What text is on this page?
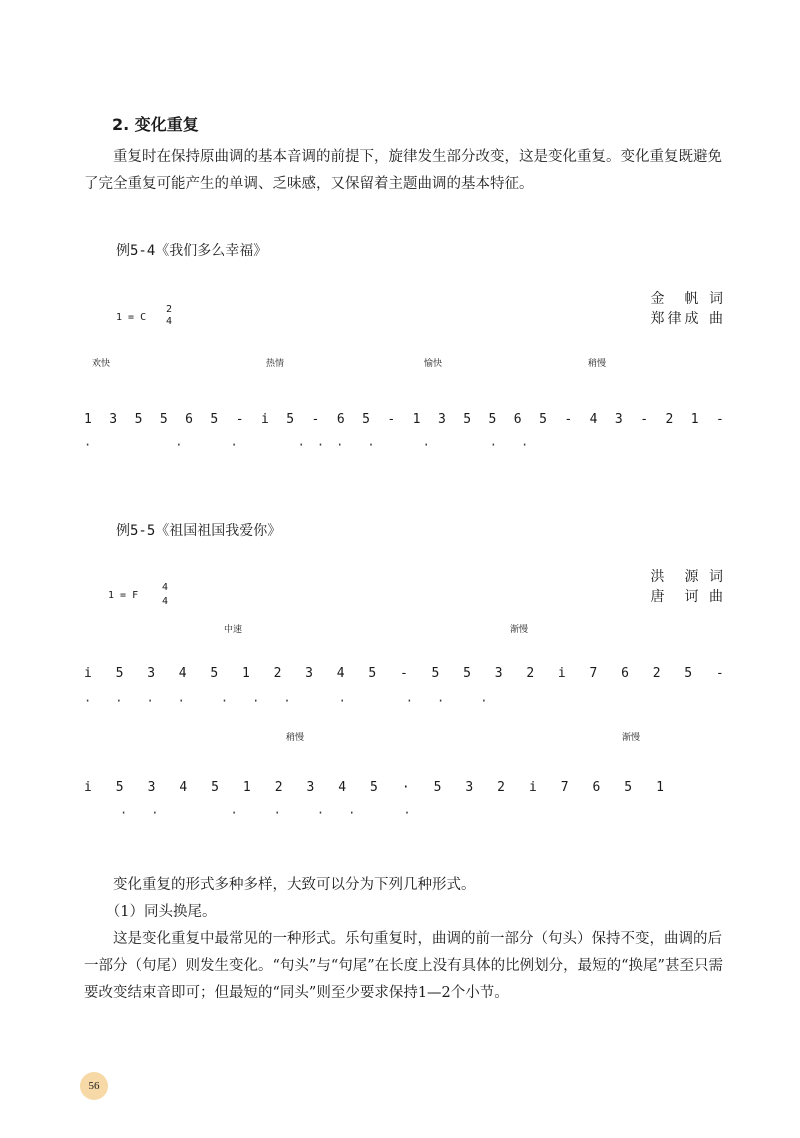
2. 变化重复
　　重复时在保持原曲调的基本音调的前提下，旋律发生部分改变，这是变化重复。变化重复既避免了完全重复可能产生的单调、乏味感，又保留着主题曲调的基本特征。
例5-4《我们多么幸福》
金　帆 词
郑律成 曲
1 = C
2
4
欢快	热情	愉快	稍慢
1 3 5 5 6 5 - i 5 - 6 5 - 1 3 5 5 6 5 - 4 3 - 2 1 -
·　　　　　　　·　　　　·　　　　　·　·　·　　·　　　　·　　　　　·　　·
例5-5《祖国祖国我爱你》
洪　源 词
唐　诃 曲
1 = F
4
4
中速	渐慢
i 5 3 4 5 1 2 3 4 5 - 5 5 3 2 i 7 6 2 5 -
·　　·　　·　　·　　　·　　·　　·　　　　·　　　　　·　　·　　　·
稍慢	渐慢
i 5 3 4 5 1 2 3 4 5 · 5 3 2 i 7 6 5 1
　　　·　　·　　　　　　·　　　·　　　·　　·　　　　·
　　变化重复的形式多种多样，大致可以分为下列几种形式。
　　（1）同头换尾。
　　这是变化重复中最常见的一种形式。乐句重复时，曲调的前一部分（句头）保持不变，曲调的后一部分（句尾）则发生变化。“句头”与“句尾”在长度上没有具体的比例划分，最短的“换尾”甚至只需要改变结束音即可；但最短的“同头”则至少要求保持1—2个小节。
56
